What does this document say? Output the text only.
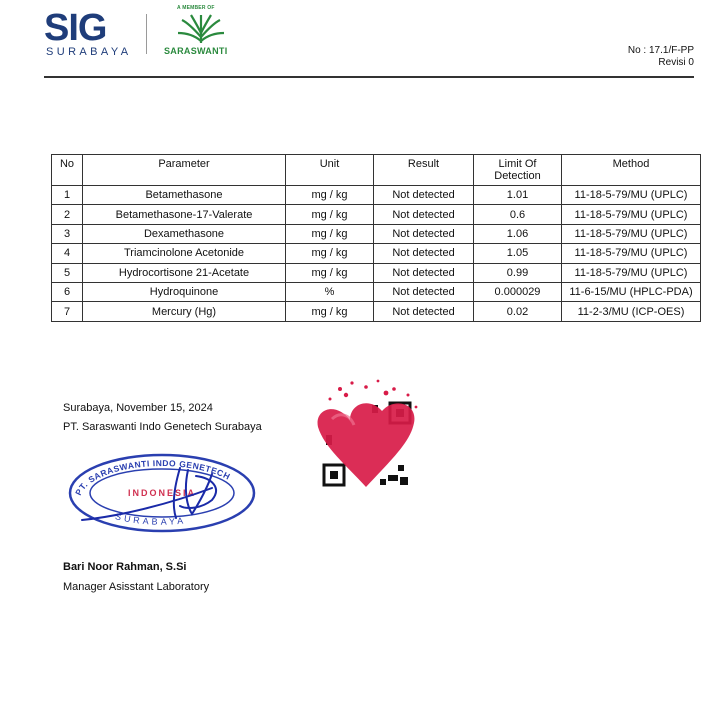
SIG
SURABAYA
A MEMBER OF
SARASWANTI	No : 17.1/F-PP
Revisi 0
No	Parameter	Unit	Result	Limit Of Detection	Method
1	Betamethasone	mg / kg	Not detected	1.01	11-18-5-79/MU (UPLC)
2	Betamethasone-17-Valerate	mg / kg	Not detected	0.6	11-18-5-79/MU (UPLC)
3	Dexamethasone	mg / kg	Not detected	1.06	11-18-5-79/MU (UPLC)
4	Triamcinolone Acetonide	mg / kg	Not detected	1.05	11-18-5-79/MU (UPLC)
5	Hydrocortisone 21-Acetate	mg / kg	Not detected	0.99	11-18-5-79/MU (UPLC)
6	Hydroquinone	%	Not detected	0.000029	11-6-15/MU (HPLC-PDA)
7	Mercury (Hg)	mg / kg	Not detected	0.02	11-2-3/MU (ICP-OES)
Surabaya, November 15, 2024
PT. Saraswanti Indo Genetech Surabaya
PT. SARASWANTI INDO GENETECH
INDONESIA
SURABAYA
Bari Noor Rahman, S.Si
Manager Asisstant Laboratory
